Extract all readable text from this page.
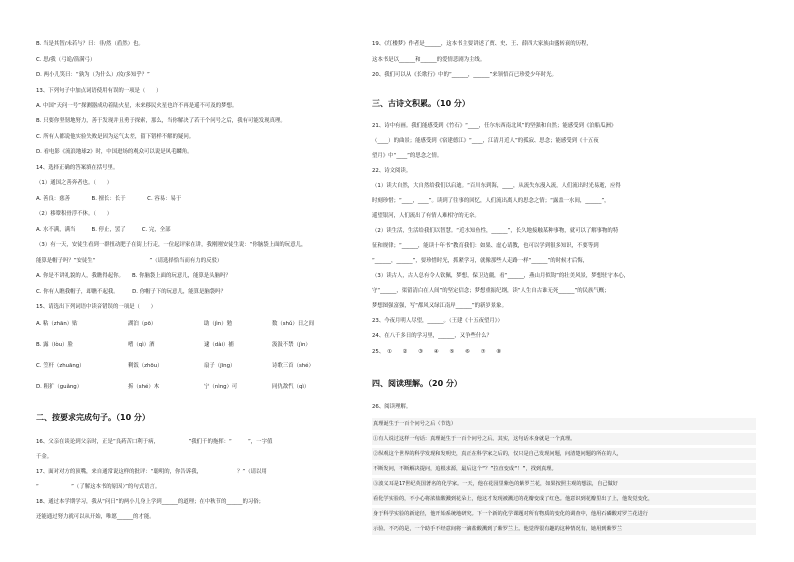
B. 当是其智/未若与？曰：非/然（盾然）也。
C. 思/我（弓诡/箭满弓）
D. 两小儿笑曰：“孰为（为什么）/汝/多知乎？”
13、下列句子中加点词语使用有误的一项是（　　）
A. 中国“天问一号”探测器成功着陆火星，未来移民火星也许不再是遥不可及的梦想。
B. 只要你坚韧地努力，善于发现并且勇于探索，那么，当你解决了若干个问号之后，我有可能发现真理。
C. 所有人都说他实验失败是因为运气太差，留下错样不解的疑问。
D. 看电影《流浪地球2》时，中国进场的观众可以说是风毛麟角。
14、选择正确的答案填在括号里。
（1）通国之善奔者也。（　　）
A. 善良：慈善　　　　B. 擅长：长于　　　　C. 容易：易于
（2）移簟积骨浮不休。（　　）
A. 水不满，满当　　　B. 停止，罢了　　　C. 完，全部
（3）有一天，安徒生看到一群扭动肥子在街上行走，一位起评家在讲，我刚刚安徒生说：“你脑袋上面的玩意儿，
能算是帽子吗？”安徒生“　　　　　　　　　　”（请选择恰当而有力的反驳）
A. 你是不讲礼貌的人，我瞧得起你。　　B. 你脑袋上面的玩意儿，能算是头脑吗？
C. 你有人瞧我帽子，却瞧不起我。　　　D. 你帽子下的玩意儿，能算是脑袋吗？
15、请选出下列词语中读音错误的一项是（　　）
A. 粘（zhān）贴	湖泊（pō）	助（jìn）勉	数（shǔ）日之间
B. 露（lòu）脸	嗜（qì）酒	逮（dài）捕	汲汲不禁（jìn）
C. 笠杆（zhuāng）	剩饭（zhōu）	扇子（jīng）	诗歌三首（shé）
D. 粗犷（guǎng）	拆（shé）木	宁（nìng）可	同仇敌忾（qì）
二、按要求完成句子。（10 分）
16、父亲在谈论到父亲时，正是“良药苦口利于病，　　　　　　”我们千的拖挥：“　　　”，一字值
千金。
17、面对对方的顶嘴，来自通常说这样的批评：“聪明的，你告诉我，　　　　　　　？”（请以用
“　　　　　　”（了解这本书的原因）”的句式语言。
18、通过本学期学习，我从“问日”的两小儿身上学到______的道理；在中秋节的______的习俗；
还能通过努力就可以从开始，唯愿______的才能。
19、《红楼梦》作者是______，这本书主要讲述了贾、史、王、薛四大家族由盛转衰的历程，
这本书是以______和______的爱情悲剧为主线。
20、我们可以从《长歌行》中的“______，______”来领悟百已珍爱少年时光。
三、古诗文积累。（10 分）
21、诗中有画。我们能感受到《竹石》“____，任尔东西南北风”的坚强和自然；能感受到《泊船瓜洲》
（____）的曲景；能感受到《宿建德江》“____，江清月近人”的孤寂、思念；能感受到《十五夜
望月》中“____”的思念之情。
22、诗文阅读。
（1）读大自然，大自然给我们以启迪。“百川东到海，____，从流失东漫入流，人们流出时光易逝，应得
时刻珍惜；“____，____”。读到了往事的回忆，人们流出离人的思念之情；“露盖一水间，______”，
遥望银河，人们流出了有情人难相守的无奈。
（2）读生活，生活给我们以智慧。“近水知鱼性，______”，长久地接触某种事物，就可以了解事物的特
征和规律；“______，能读十年书”教育我们：如果、虚心请教，也可以学到很多知识，不要等到
“______，______”，要珍惜时光，抓紧学习，就像那些人走路一样“______”的时候才后悔，
（3）读古人，古人总有令人钦佩，梦想，保卫边疆，看“______，燕山月似钩”的壮美风景，梦想驻守本心，
守“______，渠留清白在人间”的坚定信念；梦想重振纪纲，读“人生自古谁无死______”的民族气概；
梦想图强富强，写“都风又绿江南岸______”的新岁景象。
23、今夜月明人尽望，______。（王建《十五夜望月》）
24、在八千多日的学习里，______，又争些什么？
25、　①　　②　　③　　④　　⑤　　⑥　　⑦　　⑧
四、阅读理解。（20 分）
26、阅读理解。
真理诞生于一百个问号之后（节选）
①有人说过这样一句话：真理诞生于一百个问号之后。其实，这句话本身就是一个真理。
②纵观这个世界的科学发现和发明史，真正在科学家之后的，仅只是自己发现问题，问清楚问题的所在的人，
不断发问，不断解决提问，追根求源，最后这个“？”拉直变成“！”，找到真理。
③波义耳是17世纪英国著名的化学家。一天，他在花园里紫色的紫罗兰花，如果按照主观的想法，自己做好
看化学实验的，不小心将浓盐酸溅到花朵上，他这才发现被溅过的花瓣变成了红色。他意识到花瓣里出了上，他发觉变化，
身于科学实验的新途径，他开始系统地研究。下一个新的化学课题对所有物质的变化的调查中，他用石磷酸对罗兰花进行
示验。不巧的是，一个助手不经意间将一滴盐酸溅到了紫罗兰上。他觉得很有趣的这种情况有，她用到紫罗兰
